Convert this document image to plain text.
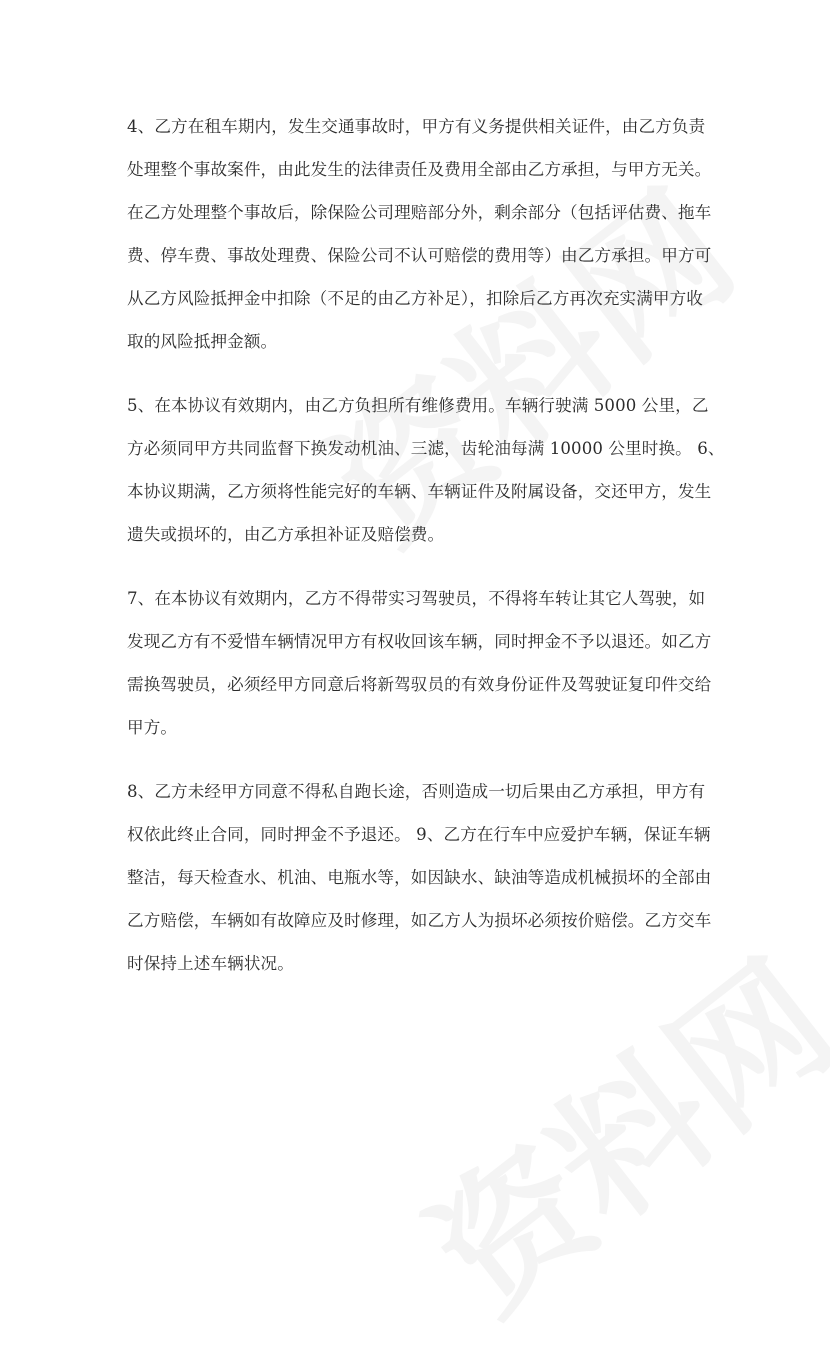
4、乙方在租车期内，发生交通事故时，甲方有义务提供相关证件，由乙方负责
处理整个事故案件，由此发生的法律责任及费用全部由乙方承担，与甲方无关。
在乙方处理整个事故后，除保险公司理赔部分外，剩余部分（包括评估费、拖车
费、停车费、事故处理费、保险公司不认可赔偿的费用等）由乙方承担。甲方可
从乙方风险抵押金中扣除（不足的由乙方补足），扣除后乙方再次充实满甲方收
取的风险抵押金额。
5、在本协议有效期内，由乙方负担所有维修费用。车辆行驶满 5000 公里，乙
方必须同甲方共同监督下换发动机油、三滤，齿轮油每满 10000 公里时换。 6、
本协议期满，乙方须将性能完好的车辆、车辆证件及附属设备，交还甲方，发生
遗失或损坏的，由乙方承担补证及赔偿费。
7、在本协议有效期内，乙方不得带实习驾驶员，不得将车转让其它人驾驶，如
发现乙方有不爱惜车辆情况甲方有权收回该车辆，同时押金不予以退还。如乙方
需换驾驶员，必须经甲方同意后将新驾驭员的有效身份证件及驾驶证复印件交给
甲方。
8、乙方未经甲方同意不得私自跑长途，否则造成一切后果由乙方承担，甲方有
权依此终止合同，同时押金不予退还。 9、乙方在行车中应爱护车辆，保证车辆
整洁，每天检查水、机油、电瓶水等，如因缺水、缺油等造成机械损坏的全部由
乙方赔偿，车辆如有故障应及时修理，如乙方人为损坏必须按价赔偿。乙方交车
时保持上述车辆状况。
